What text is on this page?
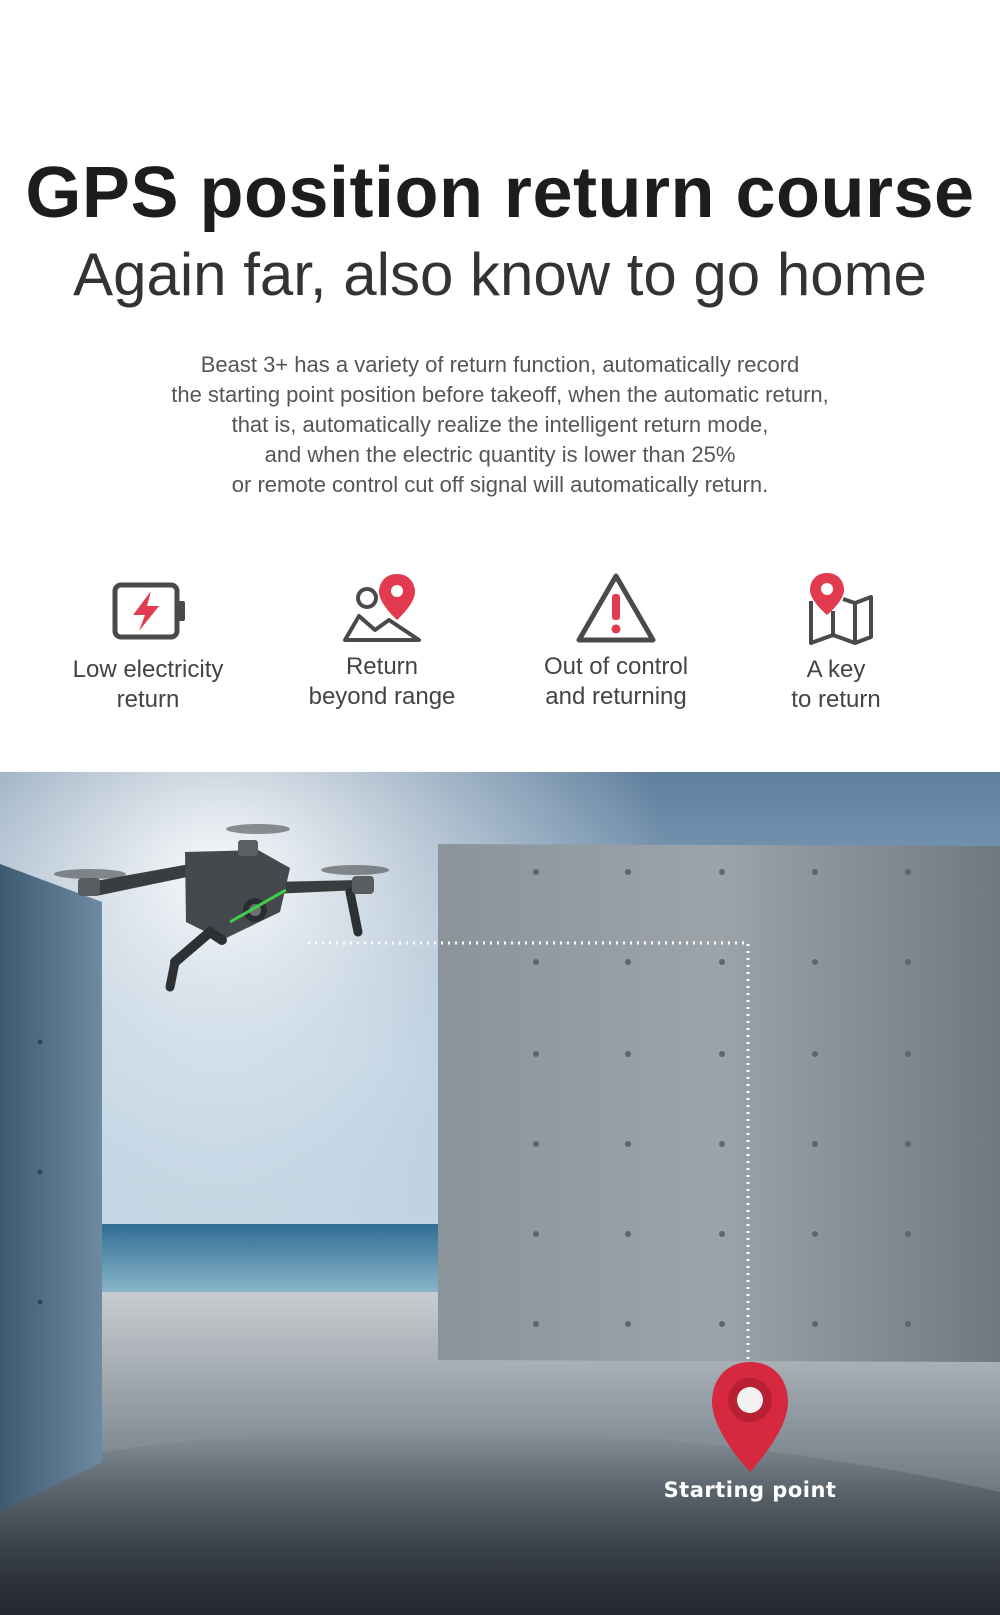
GPS position return course
Again far, also know to go home
Beast 3+ has a variety of return function, automatically record
the starting point position before takeoff, when the automatic return,
that is, automatically realize the intelligent return mode,
and when the electric quantity is lower than 25%
or remote control cut off signal will automatically return.
Low electricity
return
Return
beyond range
Out of control
and returning
A key
to return
Starting point
